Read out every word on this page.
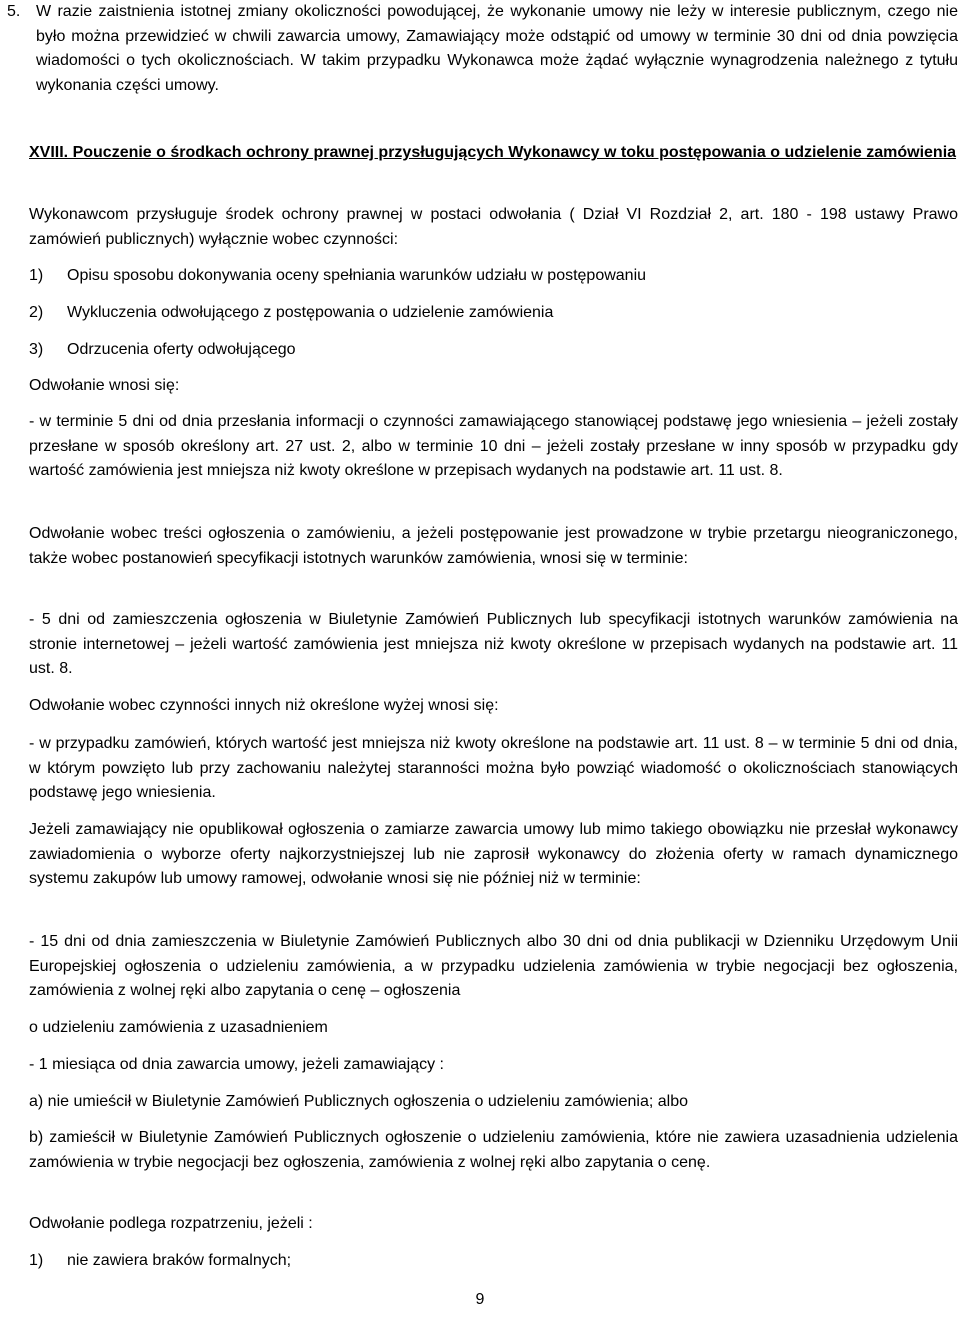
5. W razie zaistnienia istotnej zmiany okoliczności powodującej, że wykonanie umowy nie leży w interesie publicznym, czego nie było można przewidzieć w chwili zawarcia umowy, Zamawiający może odstąpić od umowy w terminie 30 dni od dnia powzięcia wiadomości o tych okolicznościach. W takim przypadku Wykonawca może żądać wyłącznie wynagrodzenia należnego z tytułu wykonania części umowy.

XVIII. Pouczenie o środkach ochrony prawnej przysługujących Wykonawcy w toku postępowania o udzielenie zamówienia

Wykonawcom przysługuje środek ochrony prawnej w postaci odwołania ( Dział VI Rozdział 2, art. 180 - 198 ustawy Prawo zamówień publicznych) wyłącznie wobec czynności:

1)	Opisu sposobu dokonywania oceny spełniania warunków udziału w postępowaniu
2)	Wykluczenia odwołującego z postępowania o udzielenie zamówienia
3)	Odrzucenia oferty odwołującego

Odwołanie wnosi się:

- w terminie 5 dni od dnia przesłania informacji o czynności zamawiającego stanowiącej podstawę jego wniesienia – jeżeli zostały przesłane w sposób określony art. 27 ust. 2, albo w terminie 10 dni – jeżeli zostały przesłane w inny sposób w przypadku gdy wartość zamówienia jest mniejsza niż kwoty określone w przepisach wydanych na podstawie art. 11 ust. 8.

Odwołanie wobec treści ogłoszenia o zamówieniu, a jeżeli postępowanie jest prowadzone w trybie przetargu nieograniczonego, także wobec postanowień specyfikacji istotnych warunków zamówienia, wnosi się w terminie:

- 5 dni od zamieszczenia ogłoszenia w Biuletynie Zamówień Publicznych lub specyfikacji istotnych warunków zamówienia na stronie internetowej – jeżeli wartość zamówienia jest mniejsza niż kwoty określone w przepisach wydanych na podstawie art. 11 ust. 8.

Odwołanie wobec czynności innych niż określone wyżej wnosi się:

- w przypadku zamówień, których wartość jest mniejsza niż kwoty określone na podstawie art. 11 ust. 8 – w terminie 5 dni od dnia, w którym powzięto lub przy zachowaniu należytej staranności można było powziąć wiadomość o okolicznościach stanowiących podstawę jego wniesienia.

Jeżeli zamawiający nie opublikował ogłoszenia o zamiarze zawarcia umowy lub mimo takiego obowiązku nie przesłał wykonawcy zawiadomienia o wyborze oferty najkorzystniejszej lub nie zaprosił wykonawcy do złożenia oferty w ramach dynamicznego systemu zakupów lub umowy ramowej, odwołanie wnosi się nie później niż w terminie:

- 15 dni od dnia zamieszczenia w Biuletynie Zamówień Publicznych albo 30 dni od dnia publikacji w Dzienniku Urzędowym Unii Europejskiej ogłoszenia o udzieleniu zamówienia, a w przypadku udzielenia zamówienia w trybie negocjacji bez ogłoszenia, zamówienia z wolnej ręki albo zapytania o cenę – ogłoszenia

o udzieleniu zamówienia z uzasadnieniem

- 1 miesiąca od dnia zawarcia umowy, jeżeli zamawiający :

a) nie umieścił w Biuletynie Zamówień Publicznych ogłoszenia o udzieleniu zamówienia; albo

b) zamieścił w Biuletynie Zamówień Publicznych ogłoszenie o udzieleniu zamówienia, które nie zawiera uzasadnienia udzielenia zamówienia w trybie negocjacji bez ogłoszenia, zamówienia z wolnej ręki albo zapytania o cenę.

Odwołanie podlega rozpatrzeniu, jeżeli :

1)	nie zawiera braków formalnych;
9
